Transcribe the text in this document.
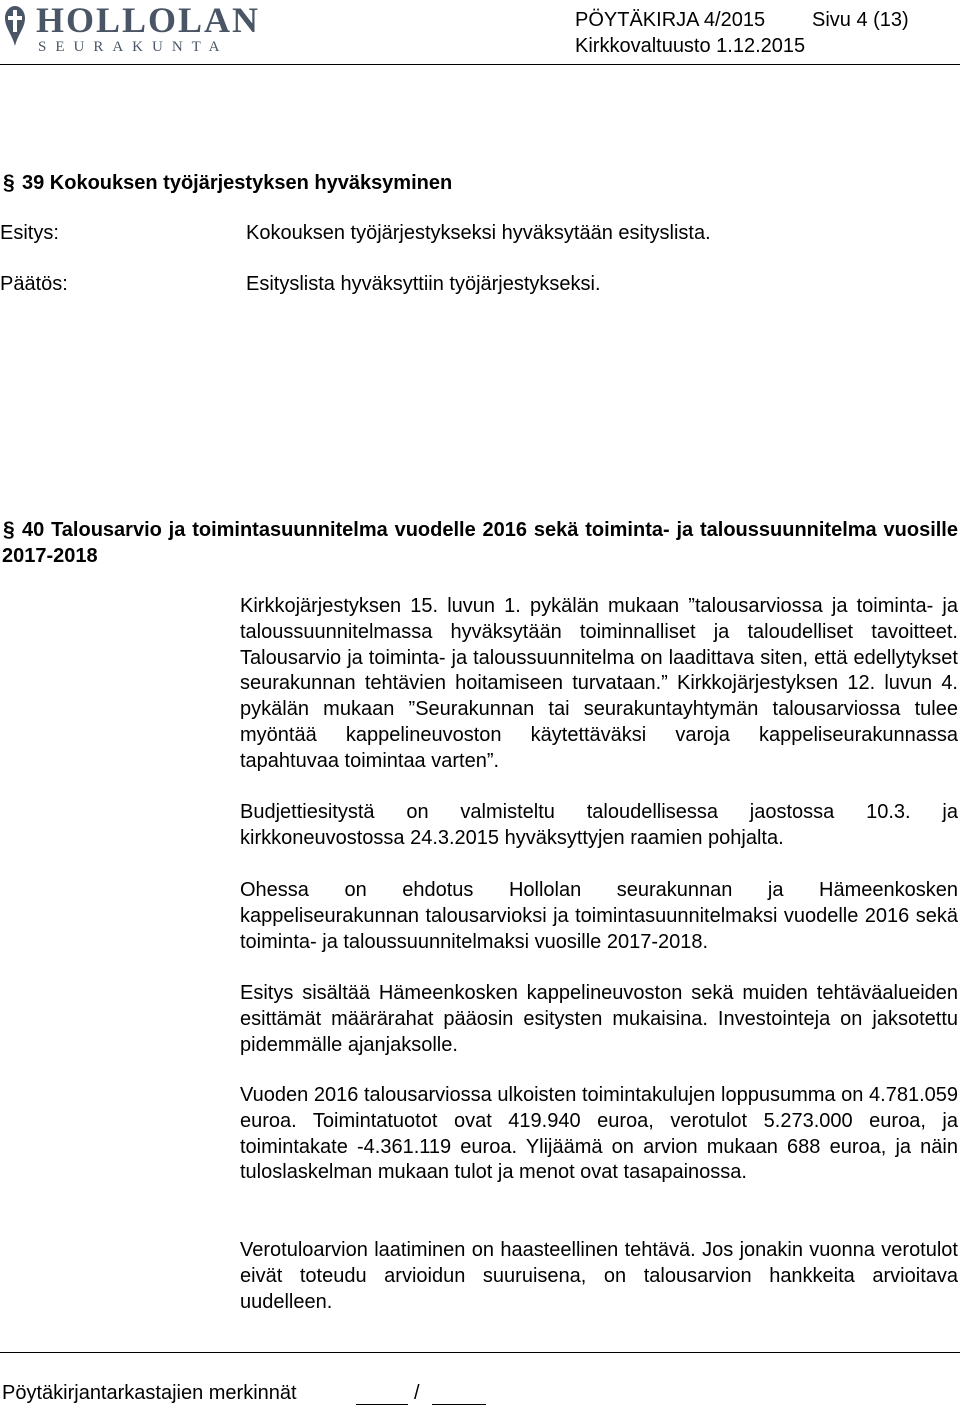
HOLLOLAN
SEURAKUNTA
PÖYTÄKIRJA 4/2015 Sivu 4 (13)
Kirkkovaltuusto 1.12.2015
§ 39 Kokouksen työjärjestyksen hyväksyminen
Esitys:	Kokouksen työjärjestykseksi hyväksytään esityslista.
Päätös:	Esityslista hyväksyttiin työjärjestykseksi.
§ 40 Talousarvio ja toimintasuunnitelma vuodelle 2016 sekä toiminta- ja taloussuunnitelma vuosille 2017-2018

Kirkkojärjestyksen 15. luvun 1. pykälän mukaan ”talousarviossa ja toiminta- ja taloussuunnitelmassa hyväksytään toiminnalliset ja taloudelliset tavoitteet. Talousarvio ja toiminta- ja taloussuunnitelma on laadittava siten, että edellytykset seurakunnan tehtävien hoitamiseen turvataan.” Kirkkojärjestyksen 12. luvun 4. pykälän mukaan ”Seurakunnan tai seurakuntayhtymän talousarviossa tulee myöntää kappelineuvoston käytettäväksi varoja kappeliseurakunnassa tapahtuvaa toimintaa varten”.

Budjettiesitystä on valmisteltu taloudellisessa jaostossa 10.3. ja kirkkoneuvostossa 24.3.2015 hyväksyttyjen raamien pohjalta.

Ohessa on ehdotus Hollolan seurakunnan ja Hämeenkosken kappeliseurakunnan talousarvioksi ja toimintasuunnitelmaksi vuodelle 2016 sekä toiminta- ja taloussuunnitelmaksi vuosille 2017-2018.

Esitys sisältää Hämeenkosken kappelineuvoston sekä muiden tehtäväalueiden esittämät määrärahat pääosin esitysten mukaisina. Investointeja on jaksotettu pidemmälle ajanjaksolle.

Vuoden 2016 talousarviossa ulkoisten toimintakulujen loppusumma on 4.781.059 euroa. Toimintatuotot ovat 419.940 euroa, verotulot 5.273.000 euroa, ja toimintakate -4.361.119 euroa. Ylijäämä on arvion mukaan 688 euroa, ja näin tuloslaskelman mukaan tulot ja menot ovat tasapainossa.

Verotuloarvion laatiminen on haasteellinen tehtävä. Jos jonakin vuonna verotulot eivät toteudu arvioidun suuruisena, on talousarvion hankkeita arvioitava uudelleen.

Pöytäkirjantarkastajien merkinnät	/
